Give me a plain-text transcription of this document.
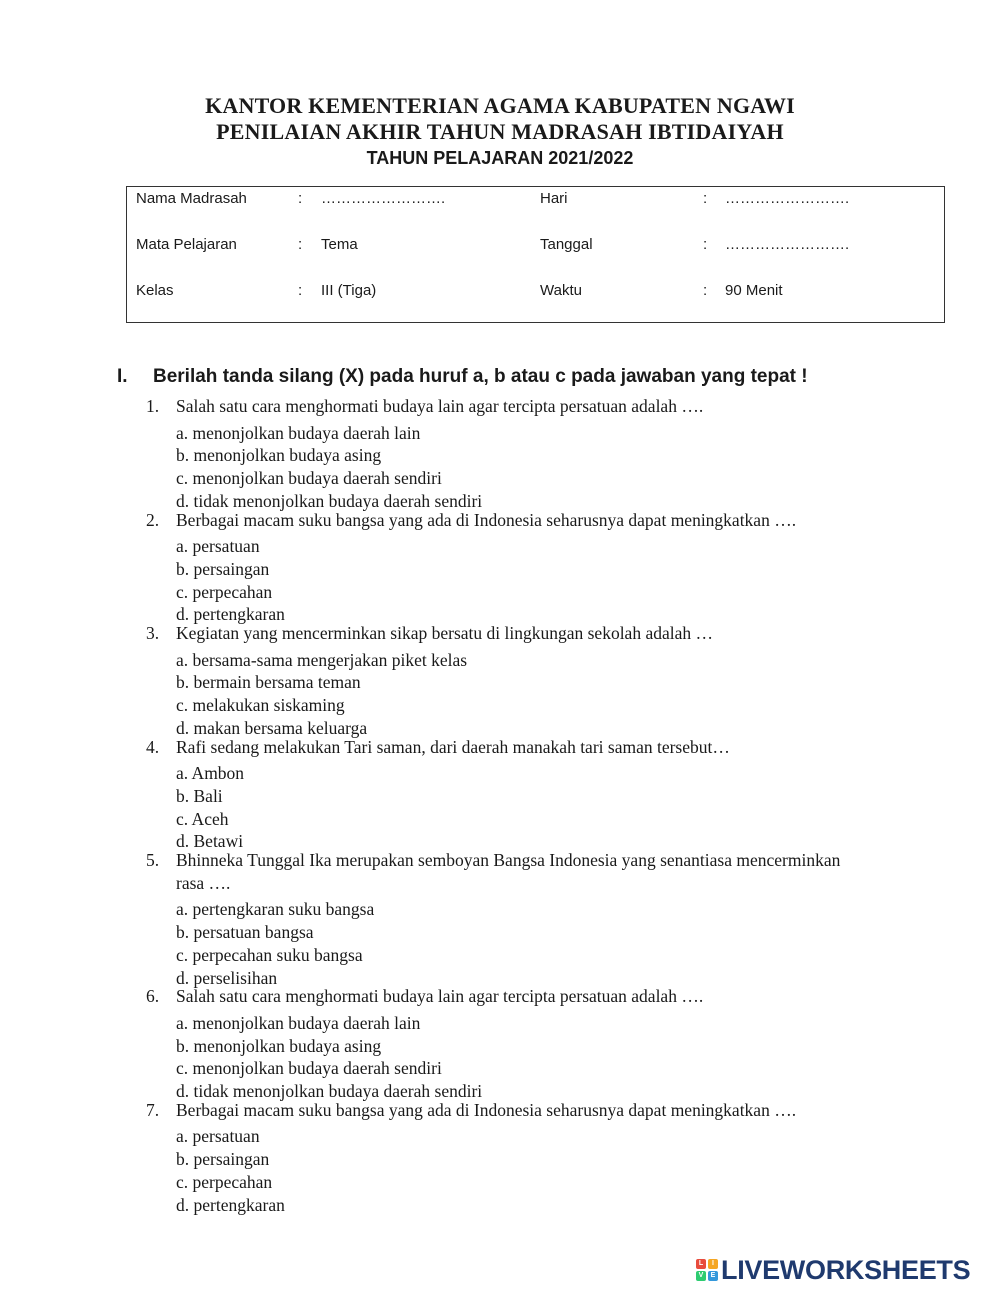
KANTOR KEMENTERIAN AGAMA KABUPATEN NGAWI
PENILAIAN AKHIR TAHUN MADRASAH IBTIDAIYAH
TAHUN PELAJARAN 2021/2022
Nama Madrasah	: …………………….	Hari	: …………………….
Mata Pelajaran	: Tema	Tanggal	: …………………….
Kelas	: III (Tiga)	Waktu	: 90 Menit
I. Berilah tanda silang (X) pada huruf a, b atau c pada jawaban yang tepat !
1. Salah satu cara menghormati budaya lain agar tercipta persatuan adalah ….
a. menonjolkan budaya daerah lain
b. menonjolkan budaya asing
c. menonjolkan budaya daerah sendiri
d. tidak menonjolkan budaya daerah sendiri
2. Berbagai macam suku bangsa yang ada di Indonesia seharusnya dapat meningkatkan ….
a. persatuan
b. persaingan
c. perpecahan
d. pertengkaran
3. Kegiatan yang mencerminkan sikap bersatu di lingkungan sekolah adalah …
a. bersama-sama mengerjakan piket kelas
b. bermain bersama teman
c. melakukan siskaming
d. makan bersama keluarga
4. Rafi sedang melakukan Tari saman, dari daerah manakah tari saman tersebut…
a. Ambon
b. Bali
c. Aceh
d. Betawi
5. Bhinneka Tunggal Ika merupakan semboyan Bangsa Indonesia yang senantiasa mencerminkan
rasa ….
a. pertengkaran suku bangsa
b. persatuan bangsa
c. perpecahan suku bangsa
d. perselisihan
6. Salah satu cara menghormati budaya lain agar tercipta persatuan adalah ….
a. menonjolkan budaya daerah lain
b. menonjolkan budaya asing
c. menonjolkan budaya daerah sendiri
d. tidak menonjolkan budaya daerah sendiri
7. Berbagai macam suku bangsa yang ada di Indonesia seharusnya dapat meningkatkan ….
a. persatuan
b. persaingan
c. perpecahan
d. pertengkaran
L	I
V	E LIVEWORKSHEETS
